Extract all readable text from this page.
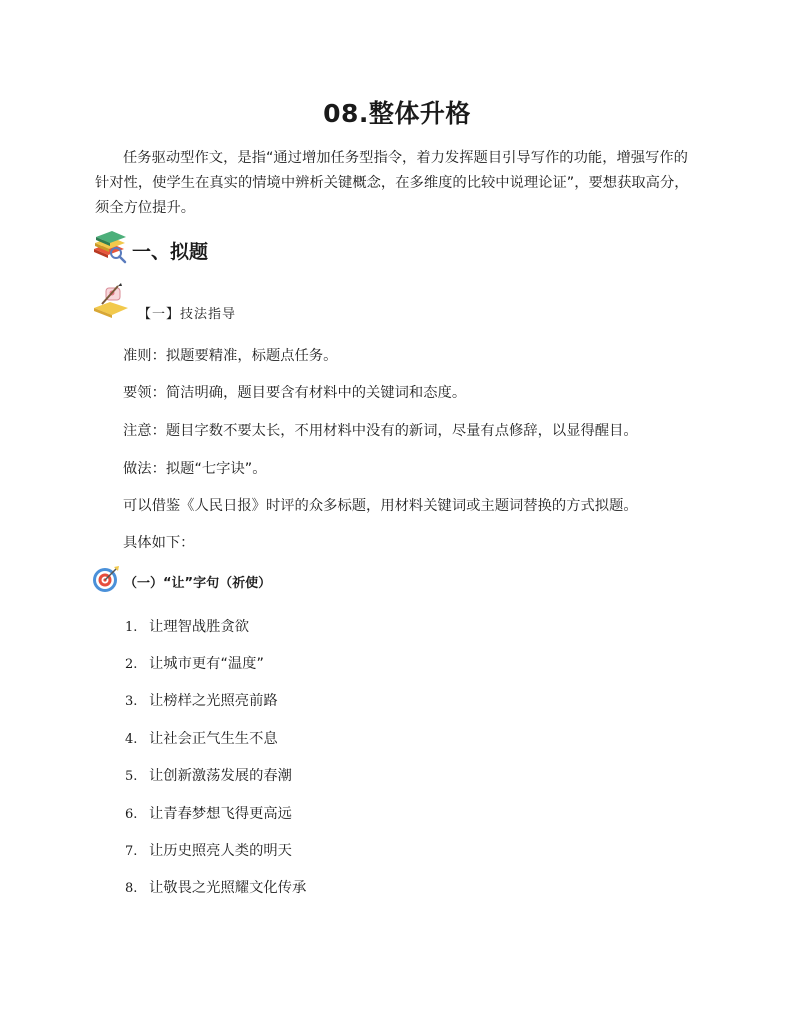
08.整体升格
任务驱动型作文，是指“通过增加任务型指令，着力发挥题目引导写作的功能，增强写作的针对性，使学生在真实的情境中辨析关键概念，在多维度的比较中说理论证”，要想获取高分，须全方位提升。
一、拟题
【一】技法指导
准则：拟题要精准，标题点任务。
要领：简洁明确，题目要含有材料中的关键词和态度。
注意：题目字数不要太长，不用材料中没有的新词，尽量有点修辞，以显得醒目。
做法：拟题“七字诀”。
可以借鉴《人民日报》时评的众多标题，用材料关键词或主题词替换的方式拟题。
具体如下：
（一）“让”字句（祈使）
1. 让理智战胜贪欲
2. 让城市更有“温度”
3. 让榜样之光照亮前路
4. 让社会正气生生不息
5. 让创新激荡发展的春潮
6. 让青春梦想飞得更高远
7. 让历史照亮人类的明天
8. 让敬畏之光照耀文化传承
